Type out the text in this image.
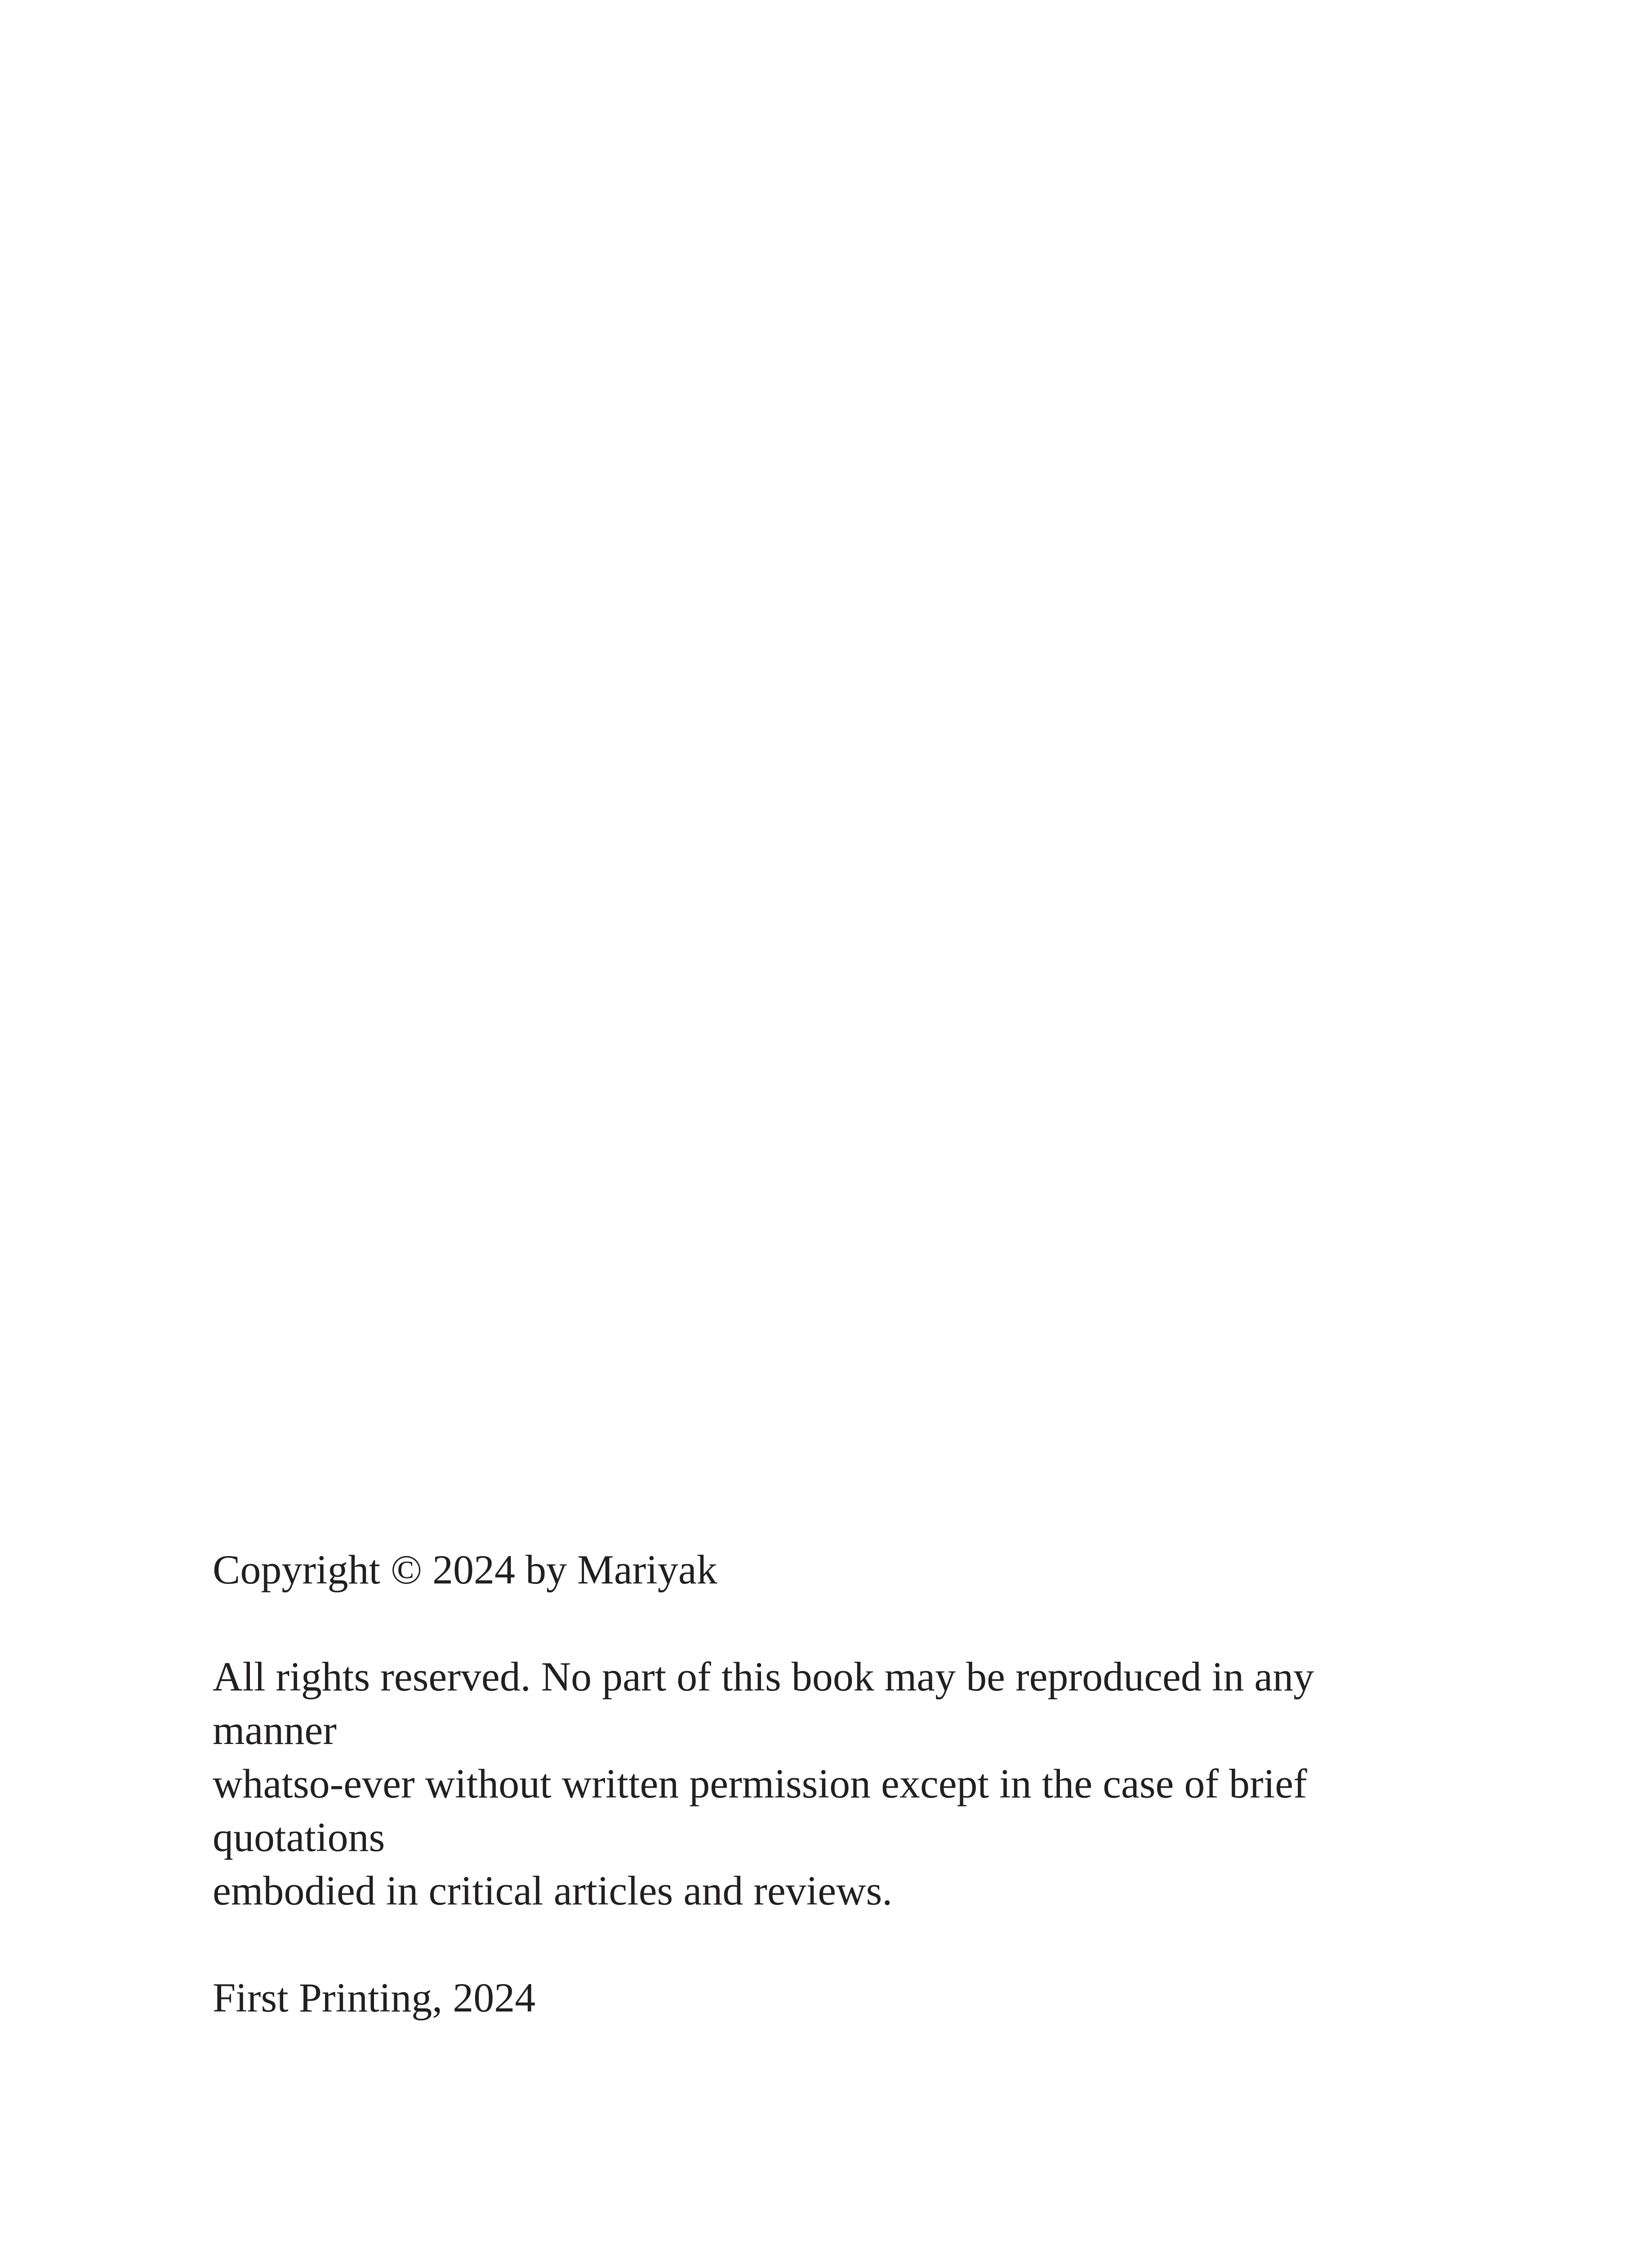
Copyright © 2024 by Mariyak
All rights reserved. No part of this book may be reproduced in any
manner
whatso-ever without written permission except in the case of brief
quotations
embodied in critical articles and reviews.
First Printing, 2024
